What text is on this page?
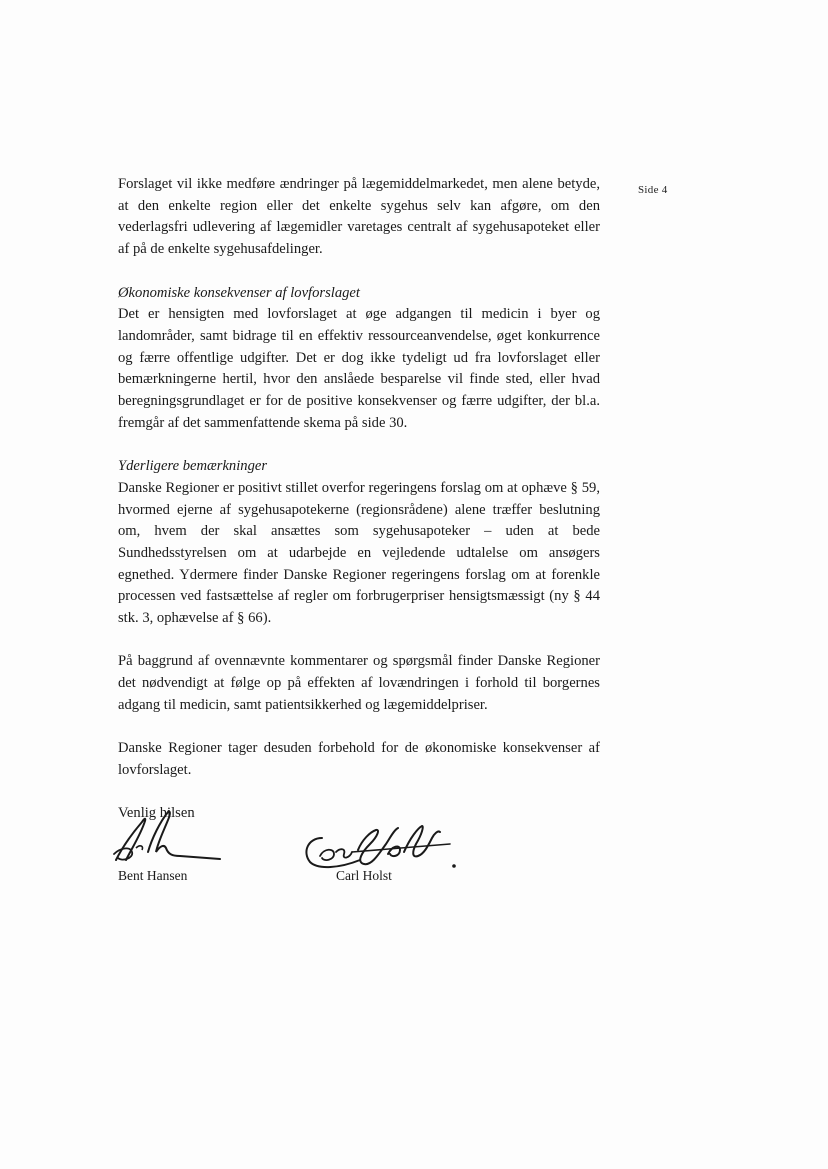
Side 4

Forslaget vil ikke medføre ændringer på lægemiddelmarkedet, men alene betyde, at den enkelte region eller det enkelte sygehus selv kan afgøre, om den vederlagsfri udlevering af lægemidler varetages centralt af sygehusapoteket eller af på de enkelte sygehusafdelinger.

Økonomiske konsekvenser af lovforslaget
Det er hensigten med lovforslaget at øge adgangen til medicin i byer og landområder, samt bidrage til en effektiv ressourceanvendelse, øget konkurrence og færre offentlige udgifter. Det er dog ikke tydeligt ud fra lovforslaget eller bemærkningerne hertil, hvor den anslåede besparelse vil finde sted, eller hvad beregningsgrundlaget er for de positive konsekvenser og færre udgifter, der bl.a. fremgår af det sammenfattende skema på side 30.

Yderligere bemærkninger
Danske Regioner er positivt stillet overfor regeringens forslag om at ophæve § 59, hvormed ejerne af sygehusapotekerne (regionsrådene) alene træffer beslutning om, hvem der skal ansættes som sygehusapoteker – uden at bede Sundhedsstyrelsen om at udarbejde en vejledende udtalelse om ansøgers egnethed. Ydermere finder Danske Regioner regeringens forslag om at forenkle processen ved fastsættelse af regler om forbrugerpriser hensigtsmæssigt (ny § 44 stk. 3, ophævelse af § 66).

På baggrund af ovennævnte kommentarer og spørgsmål finder Danske Regioner det nødvendigt at følge op på effekten af lovændringen i forhold til borgernes adgang til medicin, samt patientsikkerhed og lægemiddelpriser.

Danske Regioner tager desuden forbehold for de økonomiske konsekvenser af lovforslaget.

Venlig hilsen

Bent Hansen	Carl Holst
